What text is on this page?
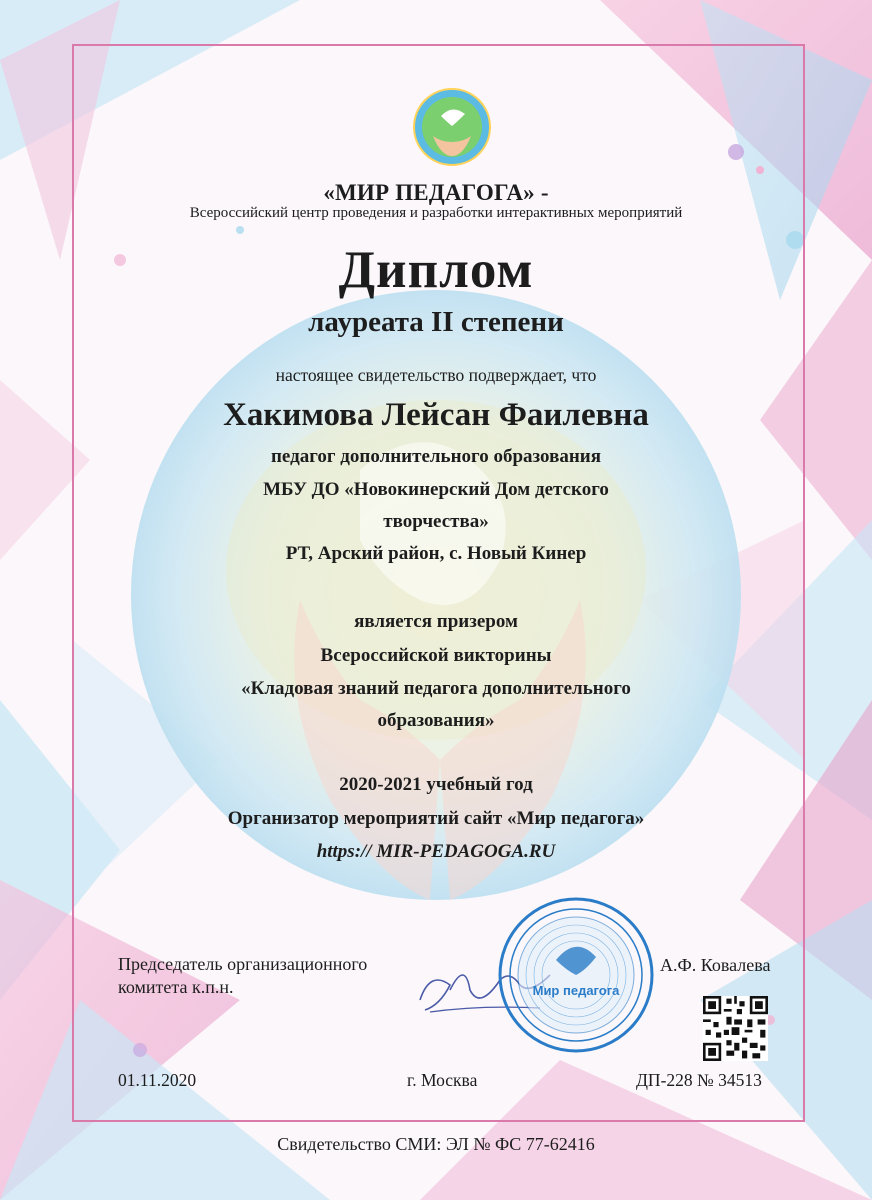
«МИР ПЕДАГОГА» -
Всероссийский центр проведения и разработки интерактивных мероприятий
Диплом
лауреата II степени
настоящее свидетельство подверждает, что
Хакимова Лейсан Фаилевна
педагог дополнительного образования
МБУ ДО «Новокинерский Дом детского
творчества»
РТ, Арский район, с. Новый Кинер
является призером
Всероссийской викторины
«Кладовая знаний педагога дополнительного
образования»
2020-2021 учебный год
Организатор мероприятий сайт «Мир педагога»
https:// MIR-PEDAGOGA.RU
Председатель организационного
комитета к.п.н.	Мир педагога
А.Ф. Ковалева
01.11.2020	г. Москва	ДП-228 № 34513
Свидетельство СМИ: ЭЛ № ФС 77-62416
